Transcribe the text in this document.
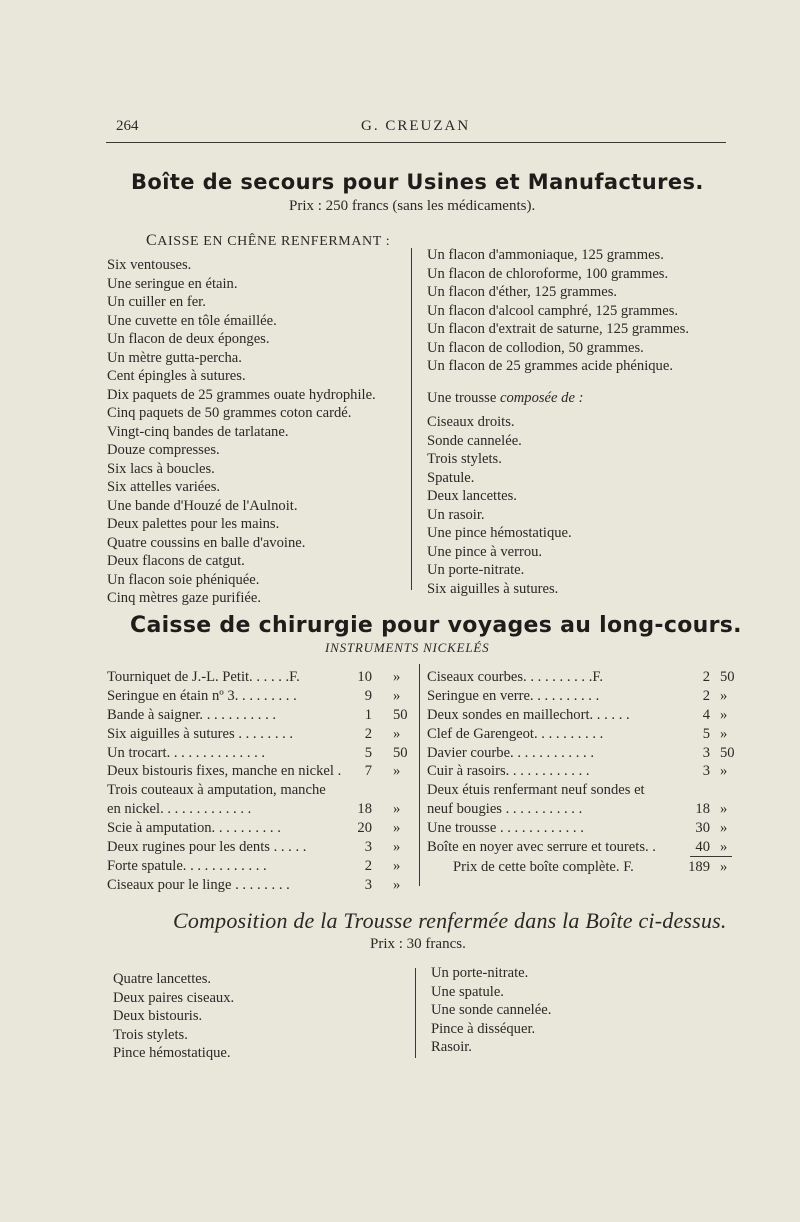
264	G. CREUZAN
Boîte de secours pour Usines et Manufactures.
Prix : 250 francs (sans les médicaments).
CAISSE EN CHÊNE RENFERMANT :
Six ventouses.
Une seringue en étain.
Un cuiller en fer.
Une cuvette en tôle émaillée.
Un flacon de deux éponges.
Un mètre gutta-percha.
Cent épingles à sutures.
Dix paquets de 25 grammes ouate hydrophile.
Cinq paquets de 50 grammes coton cardé.
Vingt-cinq bandes de tarlatane.
Douze compresses.
Six lacs à boucles.
Six attelles variées.
Une bande d'Houzé de l'Aulnoit.
Deux palettes pour les mains.
Quatre coussins en balle d'avoine.
Deux flacons de catgut.
Un flacon soie phéniquée.
Cinq mètres gaze purifiée.
Un flacon d'ammoniaque, 125 grammes.
Un flacon de chloroforme, 100 grammes.
Un flacon d'éther, 125 grammes.
Un flacon d'alcool camphré, 125 grammes.
Un flacon d'extrait de saturne, 125 grammes.
Un flacon de collodion, 50 grammes.
Un flacon de 25 grammes acide phénique.
Une trousse composée de :
Ciseaux droits.
Sonde cannelée.
Trois stylets.
Spatule.
Deux lancettes.
Un rasoir.
Une pince hémostatique.
Une pince à verrou.
Un porte-nitrate.
Six aiguilles à sutures.
Caisse de chirurgie pour voyages au long-cours.
INSTRUMENTS NICKELÉS
Tourniquet de J.-L. Petit. . . . . .F.	10 »
Seringue en étain nº 3. . . . . . . . .	9 »
Bande à saigner. . . . . . . . . . .	1 50
Six aiguilles à sutures . . . . . . . .	2 »
Un trocart. . . . . . . . . . . . . .	5 50
Deux bistouris fixes, manche en nickel . 7 »
Trois couteaux à amputation, manche
en nickel. . . . . . . . . . . . .	18 »
Scie à amputation. . . . . . . . . .	20 »
Deux rugines pour les dents . . . . .	3 »
Forte spatule. . . . . . . . . . . .	2 »
Ciseaux pour le linge . . . . . . . .	3 »
Ciseaux courbes. . . . . . . . . .F.	2 50
Seringue en verre. . . . . . . . . .	2 »
Deux sondes en maillechort. . . . . .	4 »
Clef de Garengeot. . . . . . . . . .	5 »
Davier courbe. . . . . . . . . . . .	3 50
Cuir à rasoirs. . . . . . . . . . . .	3 »
Deux étuis renfermant neuf sondes et
neuf bougies . . . . . . . . . . .	18 »
Une trousse . . . . . . . . . . . .	30 »
Boîte en noyer avec serrure et tourets. .	40 »
Prix de cette boîte complète. F.	189 »
Composition de la Trousse renfermée dans la Boîte ci-dessus.
Prix : 30 francs.
Quatre lancettes.
Deux paires ciseaux.
Deux bistouris.
Trois stylets.
Pince hémostatique.
Un porte-nitrate.
Une spatule.
Une sonde cannelée.
Pince à disséquer.
Rasoir.
